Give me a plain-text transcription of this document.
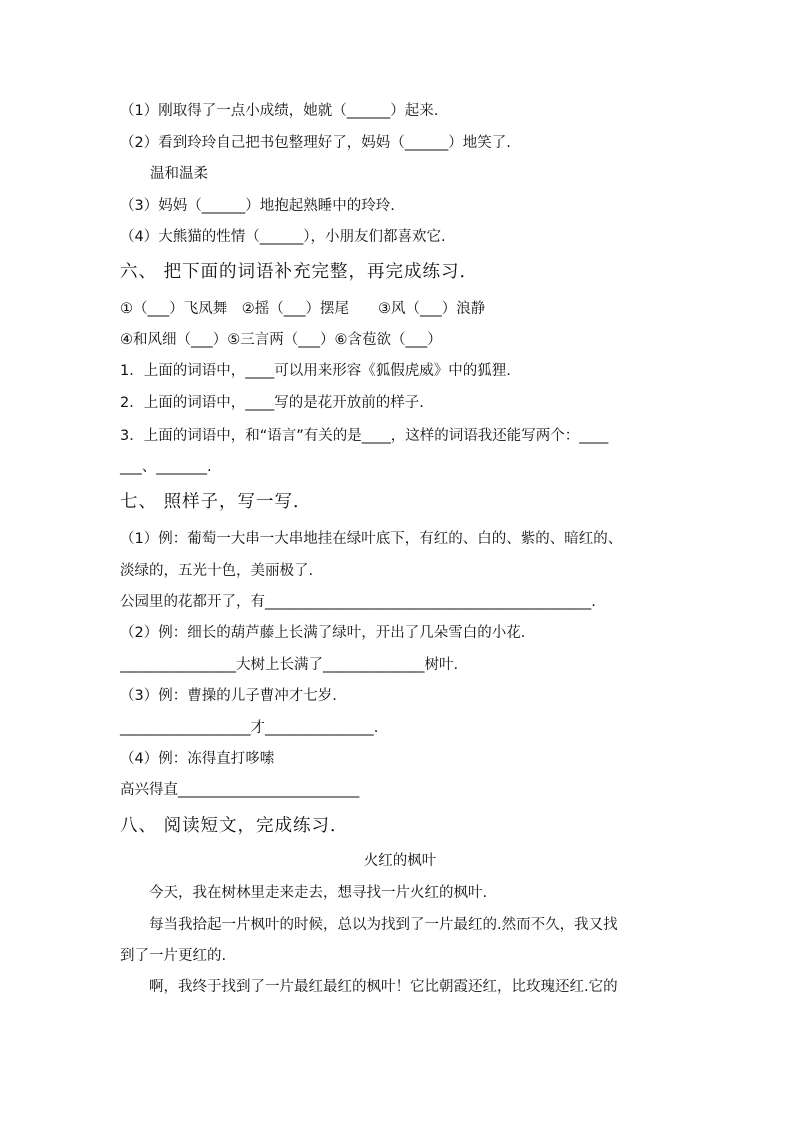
（1）刚取得了一点小成绩，她就（______）起来.
（2）看到玲玲自己把书包整理好了，妈妈（______）地笑了.
温和温柔
（3）妈妈（______）地抱起熟睡中的玲玲.
（4）大熊猫的性情（______），小朋友们都喜欢它.
六、 把下面的词语补充完整，再完成练习．
①（___）飞凤舞　②摇（___）摆尾　　③风（___）浪静
④和风细（___）⑤三言两（___）⑥含苞欲（___）
1．上面的词语中，____可以用来形容《狐假虎威》中的狐狸.
2．上面的词语中，____写的是花开放前的样子.
3．上面的词语中，和“语言”有关的是____，这样的词语我还能写两个：____
___、_______.
七、 照样子，写一写．
（1）例：葡萄一大串一大串地挂在绿叶底下，有红的、白的、紫的、暗红的、
淡绿的，五光十色，美丽极了.
公园里的花都开了，有_____________________________________________.
（2）例：细长的葫芦藤上长满了绿叶，开出了几朵雪白的小花.
________________大树上长满了______________树叶.
（3）例：曹操的儿子曹冲才七岁.
__________________才_______________.
（4）例：冻得直打哆嗦
高兴得直_________________________
八、 阅读短文，完成练习．
火红的枫叶
　　今天，我在树林里走来走去，想寻找一片火红的枫叶.
　　每当我拾起一片枫叶的时候，总以为找到了一片最红的.然而不久，我又找
到了一片更红的.
　　啊，我终于找到了一片最红最红的枫叶！它比朝霞还红，比玫瑰还红.它的
